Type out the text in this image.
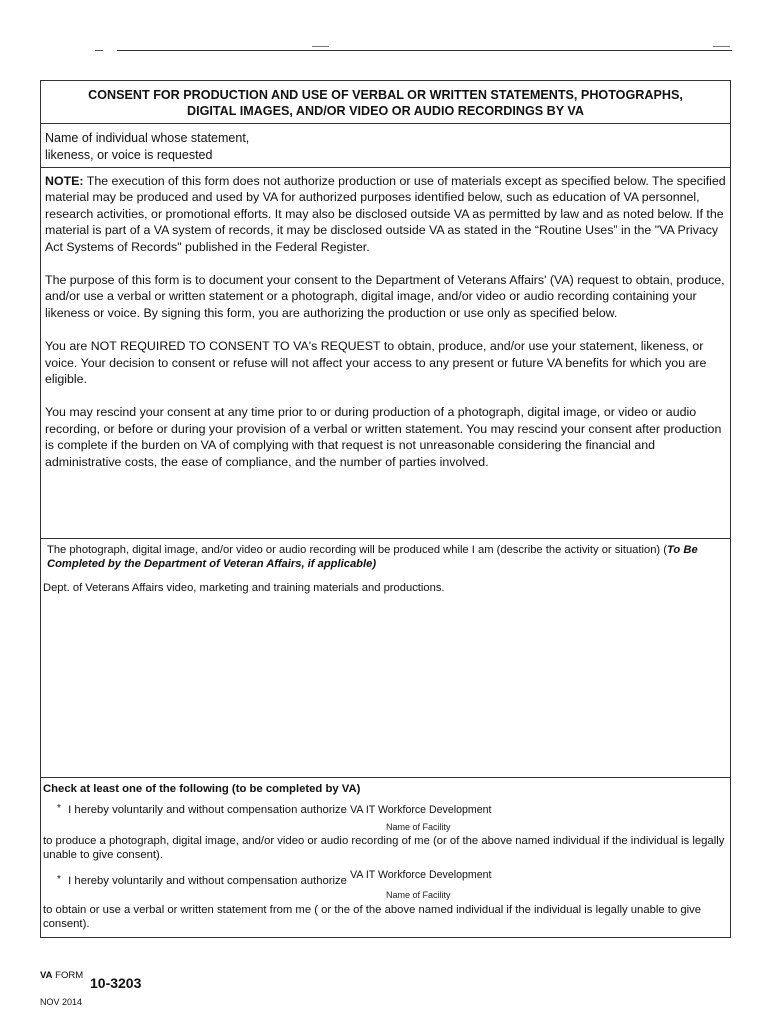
CONSENT FOR PRODUCTION AND USE OF VERBAL OR WRITTEN STATEMENTS, PHOTOGRAPHS,
DIGITAL IMAGES, AND/OR VIDEO OR AUDIO RECORDINGS BY VA
Name of individual whose statement,
likeness, or voice is requested

NOTE: The execution of this form does not authorize production or use of materials except as specified below. The specified material may be produced and used by VA for authorized purposes identified below, such as education of VA personnel, research activities, or promotional efforts. It may also be disclosed outside VA as permitted by law and as noted below. If the material is part of a VA system of records, it may be disclosed outside VA as stated in the “Routine Uses” in the "VA Privacy Act Systems of Records" published in the Federal Register.

The purpose of this form is to document your consent to the Department of Veterans Affairs' (VA) request to obtain, produce, and/or use a verbal or written statement or a photograph, digital image, and/or video or audio recording containing your likeness or voice. By signing this form, you are authorizing the production or use only as specified below.

You are NOT REQUIRED TO CONSENT TO VA's REQUEST to obtain, produce, and/or use your statement, likeness, or voice. Your decision to consent or refuse will not affect your access to any present or future VA benefits for which you are eligible.

You may rescind your consent at any time prior to or during production of a photograph, digital image, or video or audio recording, or before or during your provision of a verbal or written statement. You may rescind your consent after production is complete if the burden on VA of complying with that request is not unreasonable considering the financial and administrative costs, the ease of compliance, and the number of parties involved.

The photograph, digital image, and/or video or audio recording will be produced while I am (describe the activity or situation) (To Be Completed by the Department of Veteran Affairs, if applicable)
Dept. of Veterans Affairs video, marketing and training materials and productions.
Check at least one of the following (to be completed by VA)
* I hereby voluntarily and without compensation authorize VA IT Workforce Development
Name of Facility
to produce a photograph, digital image, and/or video or audio recording of me (or of the above named individual if the individual is legally unable to give consent).
* I hereby voluntarily and without compensation authorize VA IT Workforce Development
Name of Facility
to obtain or use a verbal or written statement from me ( or the of the above named individual if the individual is legally unable to give consent).
VA FORM 10-3203
NOV 2014
